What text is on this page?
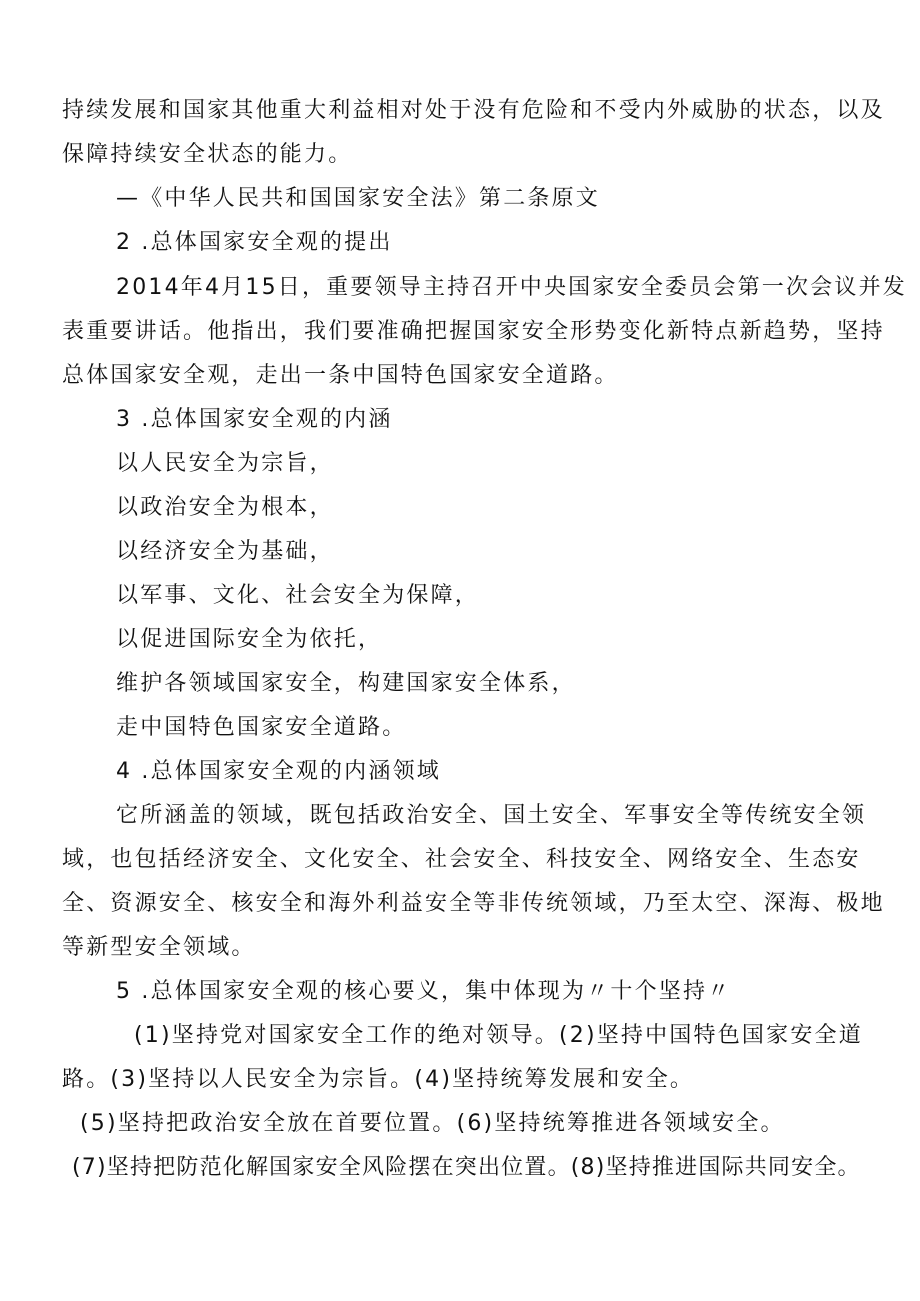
持续发展和国家其他重大利益相对处于没有危险和不受内外威胁的状态，以及
保障持续安全状态的能力。
—《中华人民共和国国家安全法》第二条原文
2 .总体国家安全观的提出
2014年4月15日，重要领导主持召开中央国家安全委员会第一次会议并发
表重要讲话。他指出，我们要准确把握国家安全形势变化新特点新趋势，坚持
总体国家安全观，走出一条中国特色国家安全道路。
3 .总体国家安全观的内涵
以人民安全为宗旨，
以政治安全为根本，
以经济安全为基础，
以军事、文化、社会安全为保障，
以促进国际安全为依托，
维护各领域国家安全，构建国家安全体系，
走中国特色国家安全道路。
4 .总体国家安全观的内涵领域
它所涵盖的领域，既包括政治安全、国土安全、军事安全等传统安全领
域，也包括经济安全、文化安全、社会安全、科技安全、网络安全、生态安
全、资源安全、核安全和海外利益安全等非传统领域，乃至太空、深海、极地
等新型安全领域。
5 .总体国家安全观的核心要义，集中体现为〃十个坚持〃
(1)坚持党对国家安全工作的绝对领导。(2)坚持中国特色国家安全道
路。(3)坚持以人民安全为宗旨。(4)坚持统筹发展和安全。
(5)坚持把政治安全放在首要位置。(6)坚持统筹推进各领域安全。
(7)坚持把防范化解国家安全风险摆在突出位置。(8)坚持推进国际共同安全。
